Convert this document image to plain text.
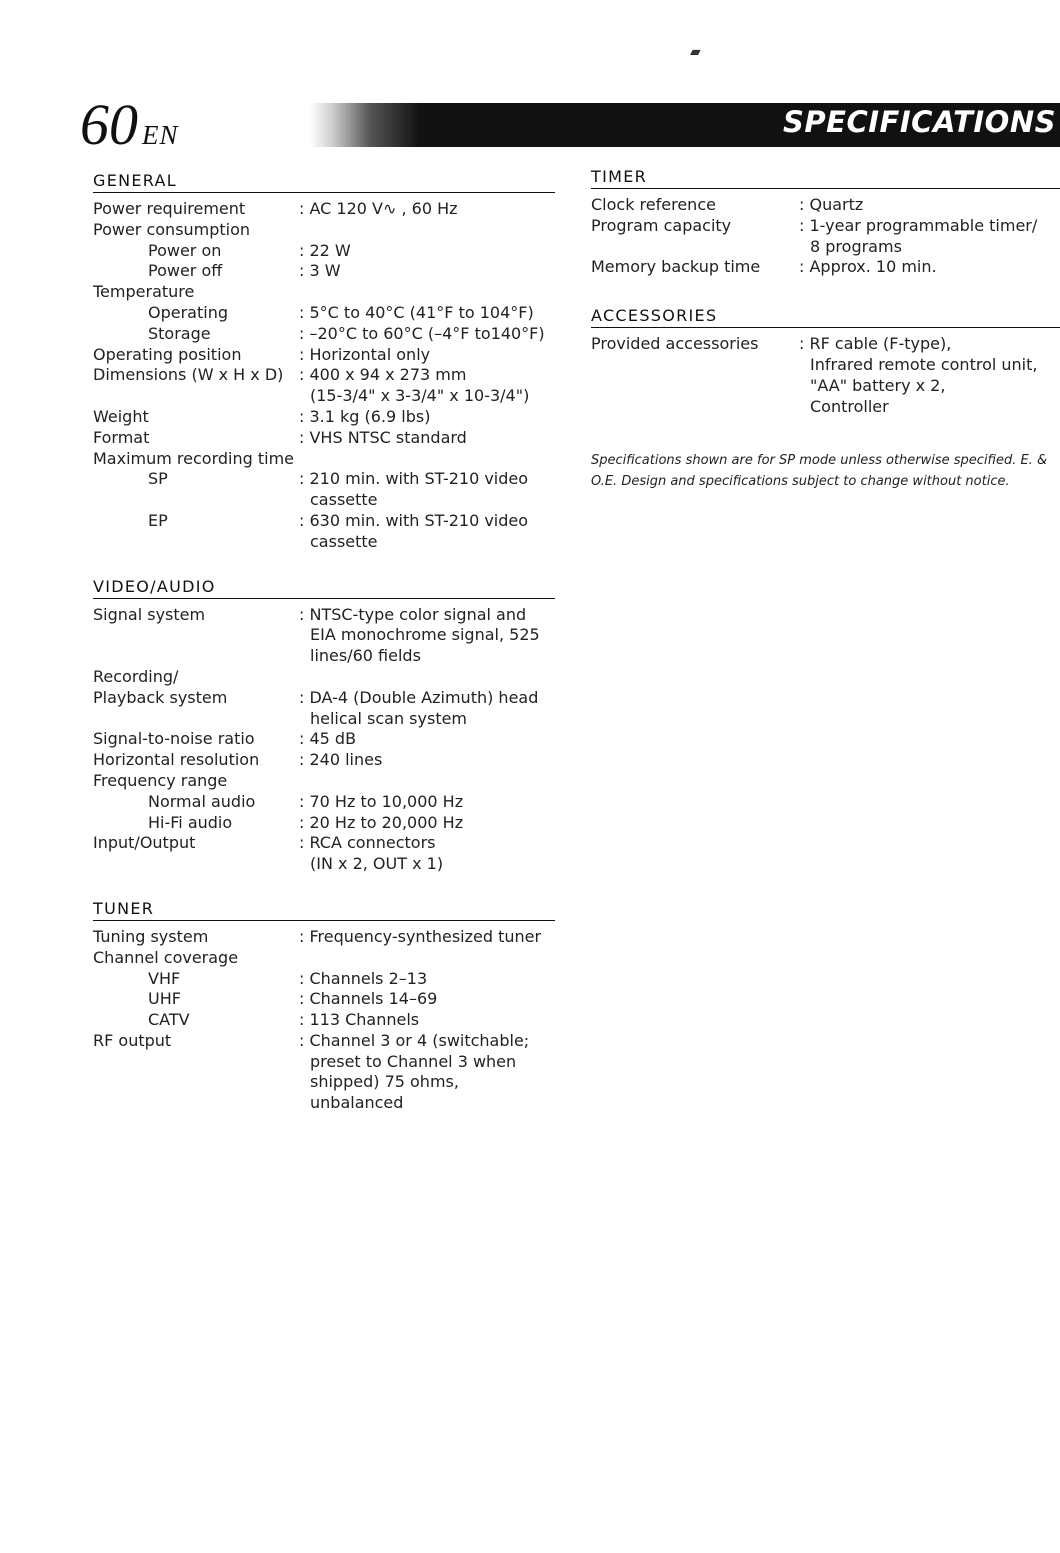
60 EN	SPECIFICATIONS
▰
GENERAL
Power requirement	: AC 120 V∿ , 60 Hz
Power consumption

Power on	: 22 W
Power off	: 3 W
Temperature

Operating	: 5°C to 40°C (41°F to 104°F)
Storage	: –20°C to 60°C (–4°F to140°F)
Operating position	: Horizontal only
Dimensions (W x H x D) : 400 x 94 x 273 mm
(15-3/4" x 3-3/4" x 10-3/4")
Weight	: 3.1 kg (6.9 lbs)
Format	: VHS NTSC standard
Maximum recording time

SP	: 210 min. with ST-210 video
cassette
EP	: 630 min. with ST-210 video
cassette
VIDEO/AUDIO
Signal system	: NTSC-type color signal and
EIA monochrome signal, 525
lines/60 fields
Recording/

Playback system	: DA-4 (Double Azimuth) head
helical scan system
Signal-to-noise ratio	: 45 dB
Horizontal resolution	: 240 lines
Frequency range

Normal audio	: 70 Hz to 10,000 Hz
Hi-Fi audio	: 20 Hz to 20,000 Hz
Input/Output	: RCA connectors
(IN x 2, OUT x 1)
TUNER
Tuning system	: Frequency-synthesized tuner
Channel coverage

VHF	: Channels 2–13
UHF	: Channels 14–69
CATV	: 113 Channels
RF output	: Channel 3 or 4 (switchable;
preset to Channel 3 when
shipped) 75 ohms,
unbalanced
TIMER
Clock reference	: Quartz
Program capacity	: 1-year programmable timer/
8 programs
Memory backup time	: Approx. 10 min.
ACCESSORIES
Provided accessories	: RF cable (F-type),
Infrared remote control unit,
"AA" battery x 2,
Controller
Specifications shown are for SP mode unless otherwise specified. E. & O.E. Design and specifications subject to change without notice.
